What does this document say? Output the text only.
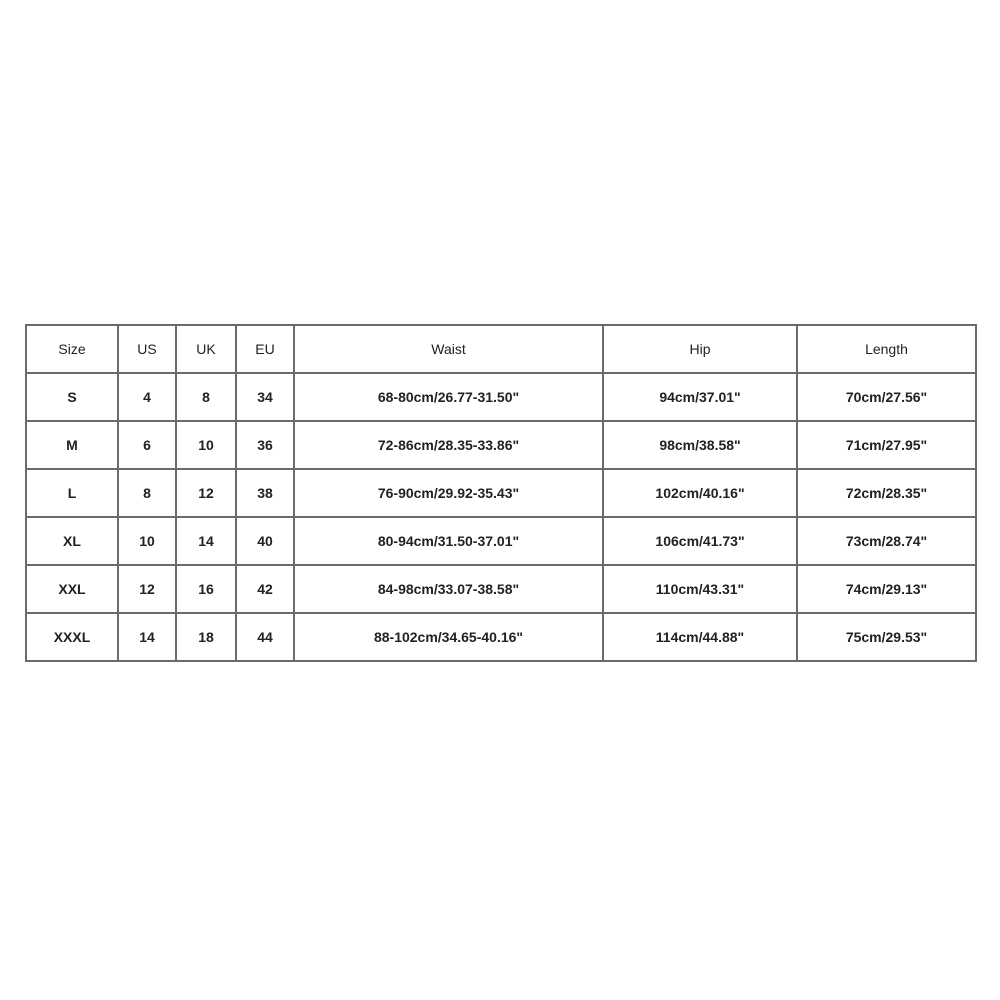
Size	US	UK	EU	Waist	Hip	Length
S	4	8	34	68-80cm/26.77-31.50"	94cm/37.01"	70cm/27.56"
M	6	10	36	72-86cm/28.35-33.86"	98cm/38.58"	71cm/27.95"
L	8	12	38	76-90cm/29.92-35.43"	102cm/40.16"	72cm/28.35"
XL	10	14	40	80-94cm/31.50-37.01"	106cm/41.73"	73cm/28.74"
XXL	12	16	42	84-98cm/33.07-38.58"	110cm/43.31"	74cm/29.13"
XXXL	14	18	44	88-102cm/34.65-40.16"	114cm/44.88"	75cm/29.53"
